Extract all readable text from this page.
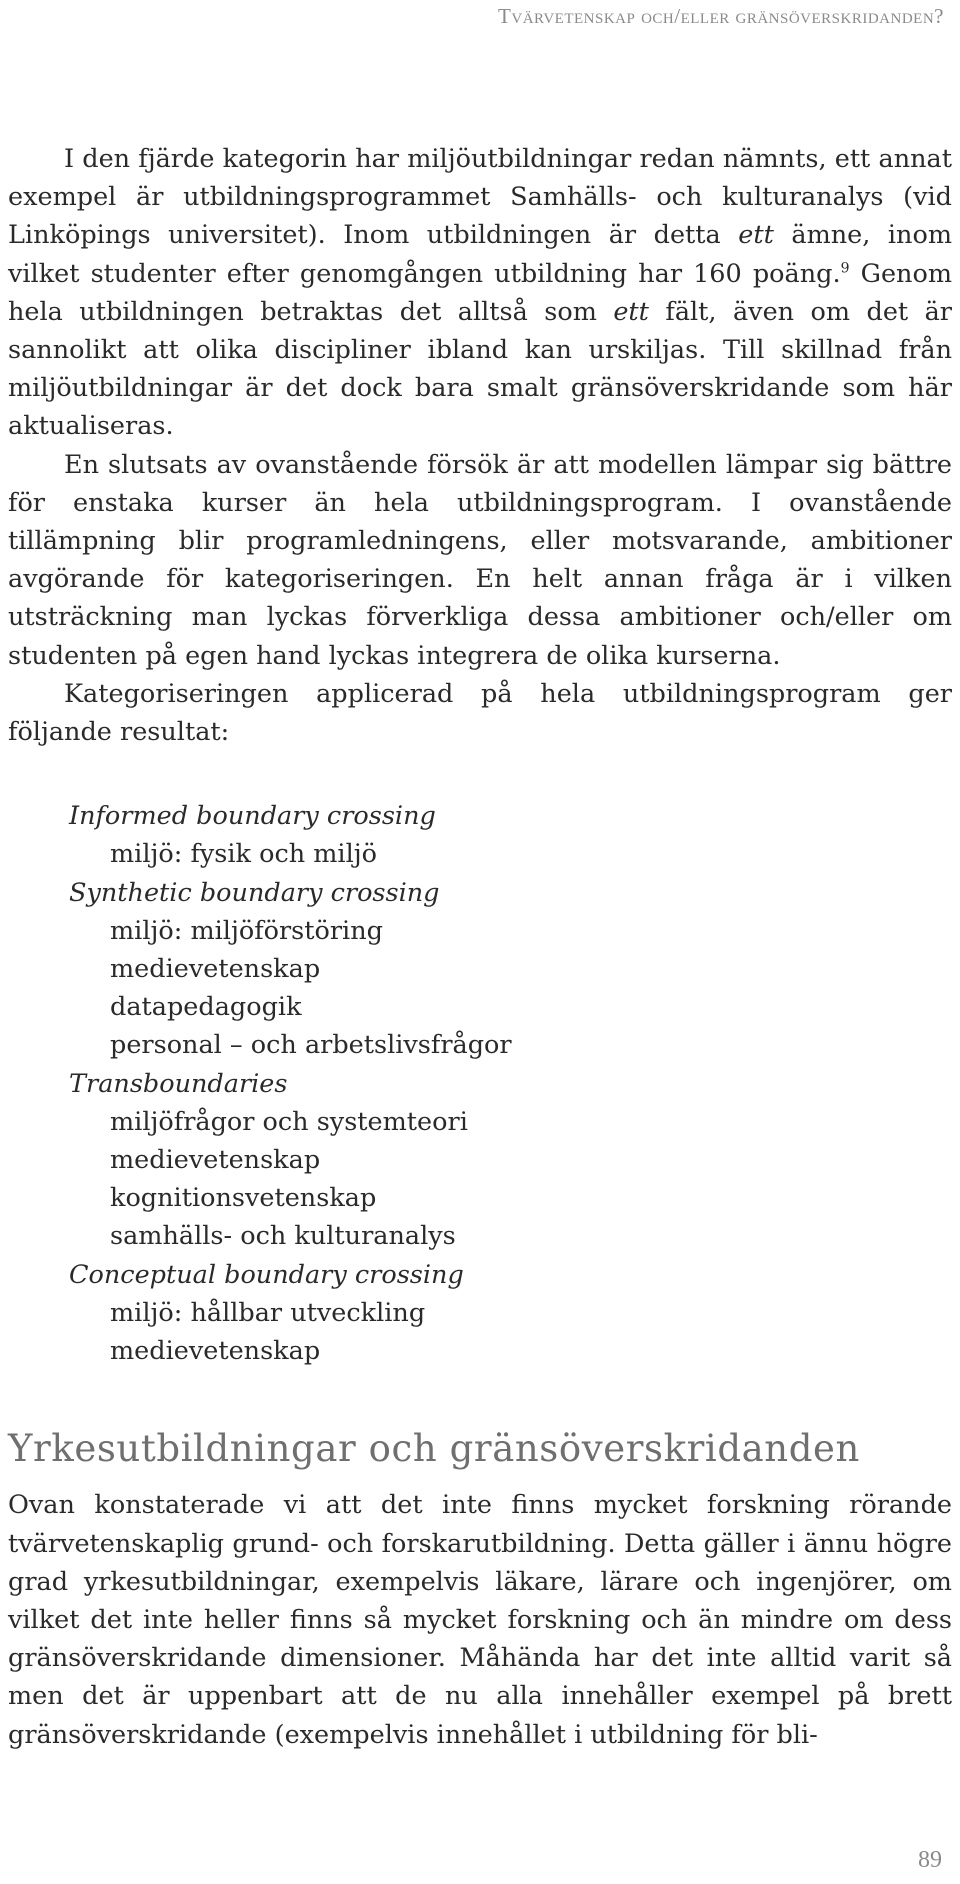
Tvärvetenskap och/eller gränsöverskridanden?

I den fjärde kategorin har miljöutbildningar redan nämnts, ett annat exempel är utbildningsprogrammet Samhälls- och kulturanalys (vid Linköpings universitet). Inom utbildningen är detta ett ämne, inom vilket studenter efter genomgången utbildning har 160 poäng.$^9$ Genom hela utbildningen betraktas det alltså som ett fält, även om det är sannolikt att olika discipliner ibland kan urskiljas. Till skillnad från miljöutbildningar är det dock bara smalt gränsöverskridande som här aktualiseras.

En slutsats av ovanstående försök är att modellen lämpar sig bättre för enstaka kurser än hela utbildningsprogram. I ovanstående tillämpning blir programledningens, eller motsvarande, ambitioner avgörande för kategoriseringen. En helt annan fråga är i vilken utsträckning man lyckas förverkliga dessa ambitioner och/eller om studenten på egen hand lyckas integrera de olika kurserna.

Kategoriseringen applicerad på hela utbildningsprogram ger följande resultat:

Informed boundary crossing
miljö: fysik och miljö
Synthetic boundary crossing
miljö: miljöförstöring
medievetenskap
datapedagogik
personal – och arbetslivsfrågor
Transboundaries
miljöfrågor och systemteori
medievetenskap
kognitionsvetenskap
samhälls- och kulturanalys
Conceptual boundary crossing
miljö: hållbar utveckling
medievetenskap
Yrkesutbildningar och gränsöverskridanden

Ovan konstaterade vi att det inte finns mycket forskning rörande tvärvetenskaplig grund- och forskarutbildning. Detta gäller i ännu högre grad yrkesutbildningar, exempelvis läkare, lärare och ingenjörer, om vilket det inte heller finns så mycket forskning och än mindre om dess gränsöverskridande dimensioner. Måhända har det inte alltid varit så men det är uppenbart att de nu alla innehåller exempel på brett gränsöverskridande (exempelvis innehållet i utbildning för bli-

89
